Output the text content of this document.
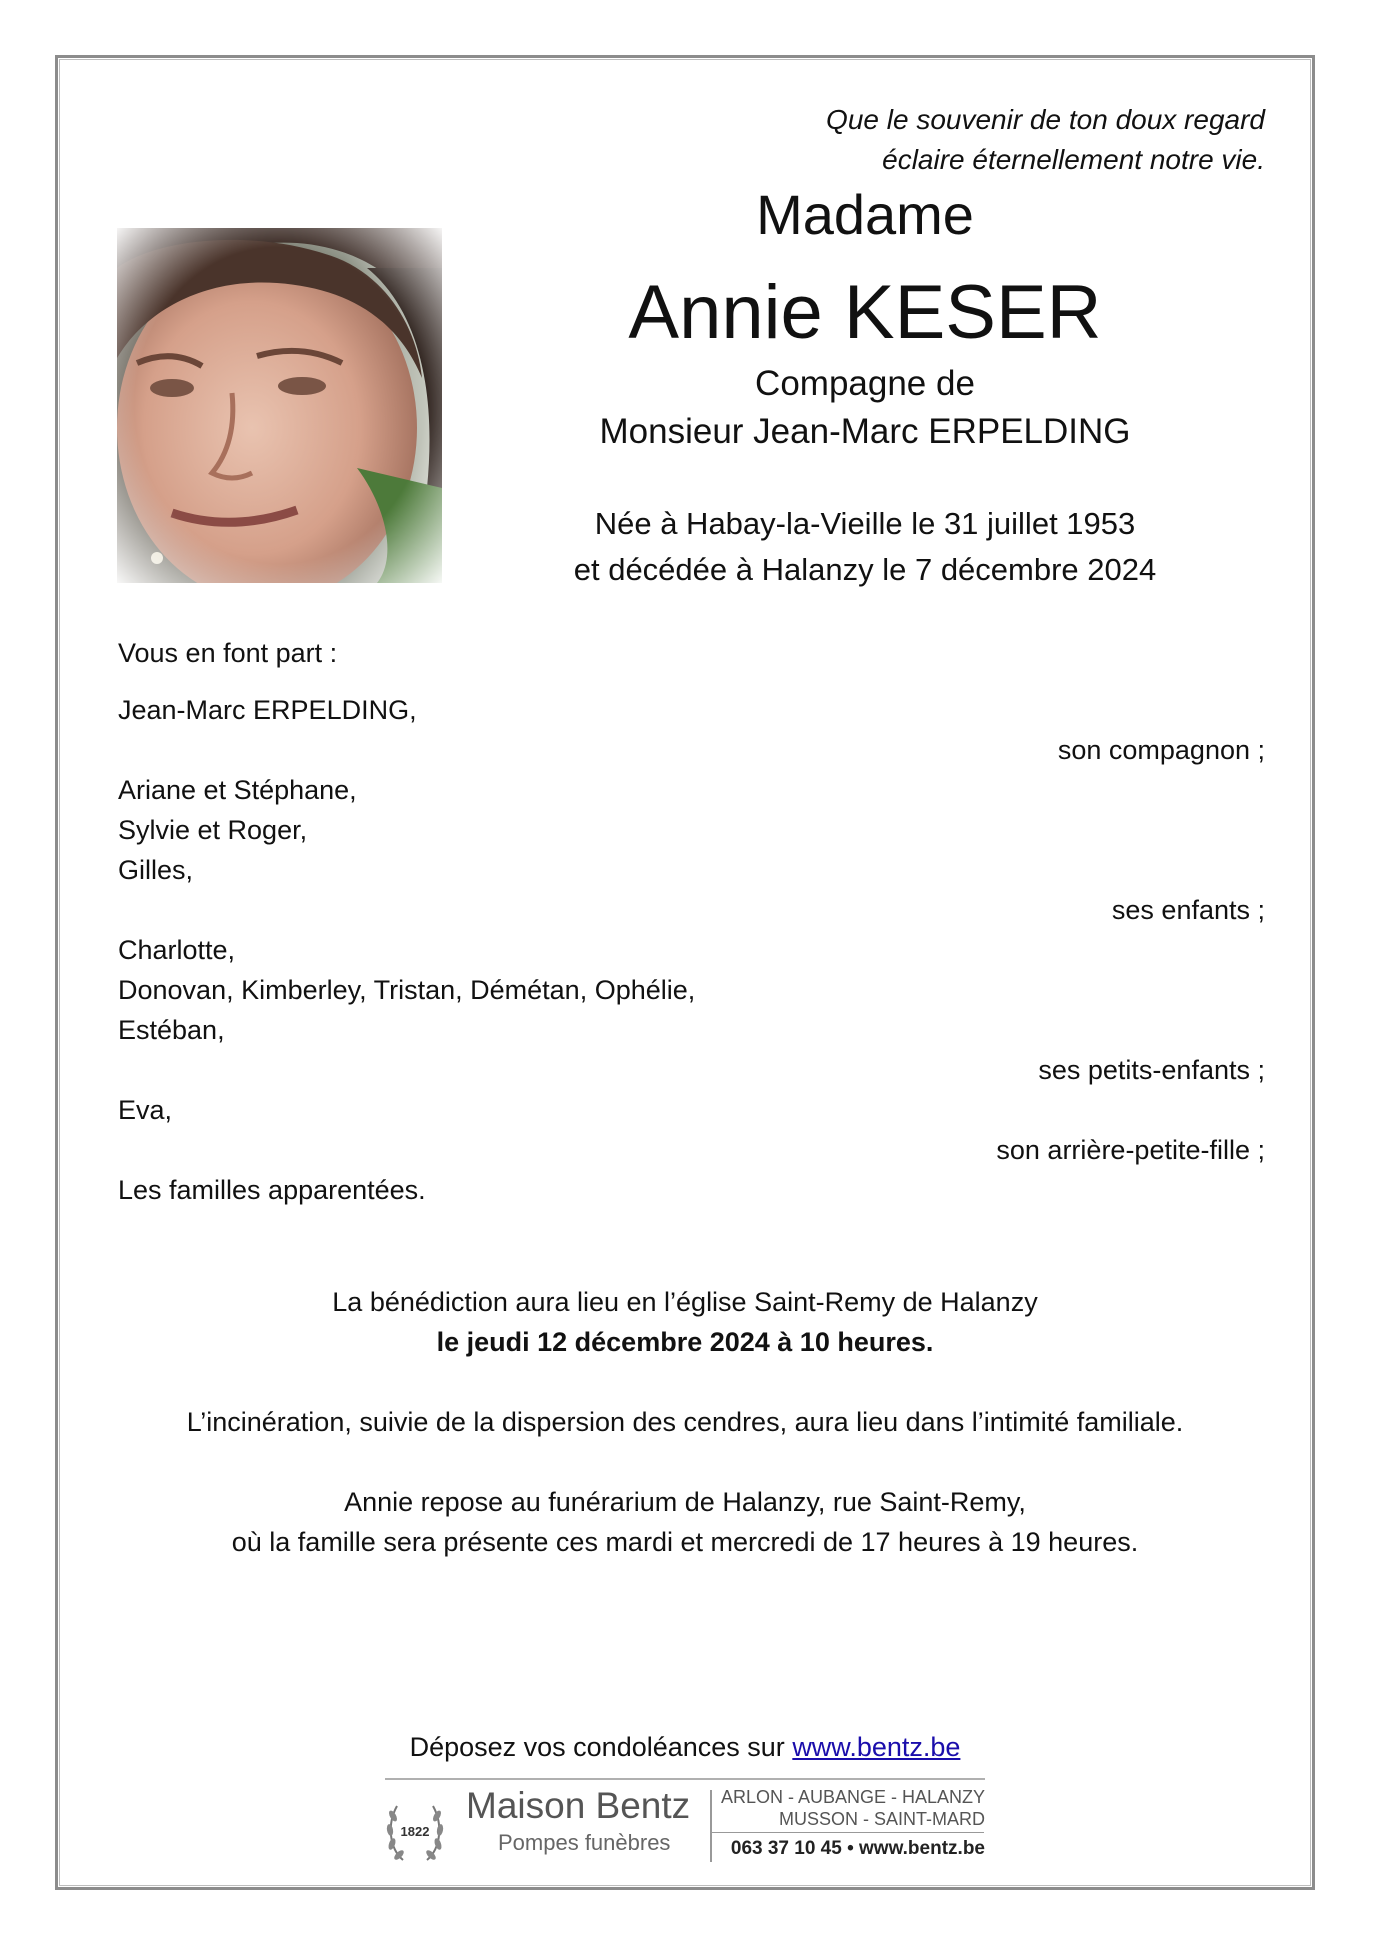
Que le souvenir de ton doux regard
éclaire éternellement notre vie.
Madame
Annie KESER
Compagne de
Monsieur Jean-Marc ERPELDING
Née à Habay-la-Vieille le 31 juillet 1953
et décédée à Halanzy le 7 décembre 2024
Vous en font part :
Jean-Marc ERPELDING,
son compagnon ;
Ariane et Stéphane,
Sylvie et Roger,
Gilles,
ses enfants ;
Charlotte,
Donovan, Kimberley, Tristan, Démétan, Ophélie,
Estéban,
ses petits-enfants ;
Eva,
son arrière-petite-fille ;
Les familles apparentées.
La bénédiction aura lieu en l’église Saint-Remy de Halanzy
le jeudi 12 décembre 2024 à 10 heures.
L’incinération, suivie de la dispersion des cendres, aura lieu dans l’intimité familiale.
Annie repose au funérarium de Halanzy, rue Saint-Remy,
où la famille sera présente ces mardi et mercredi de 17 heures à 19 heures.
Déposez vos condoléances sur www.bentz.be
1822
Maison Bentz
Pompes funèbres
ARLON - AUBANGE - HALANZY
MUSSON - SAINT-MARD
063 37 10 45 • www.bentz.be
